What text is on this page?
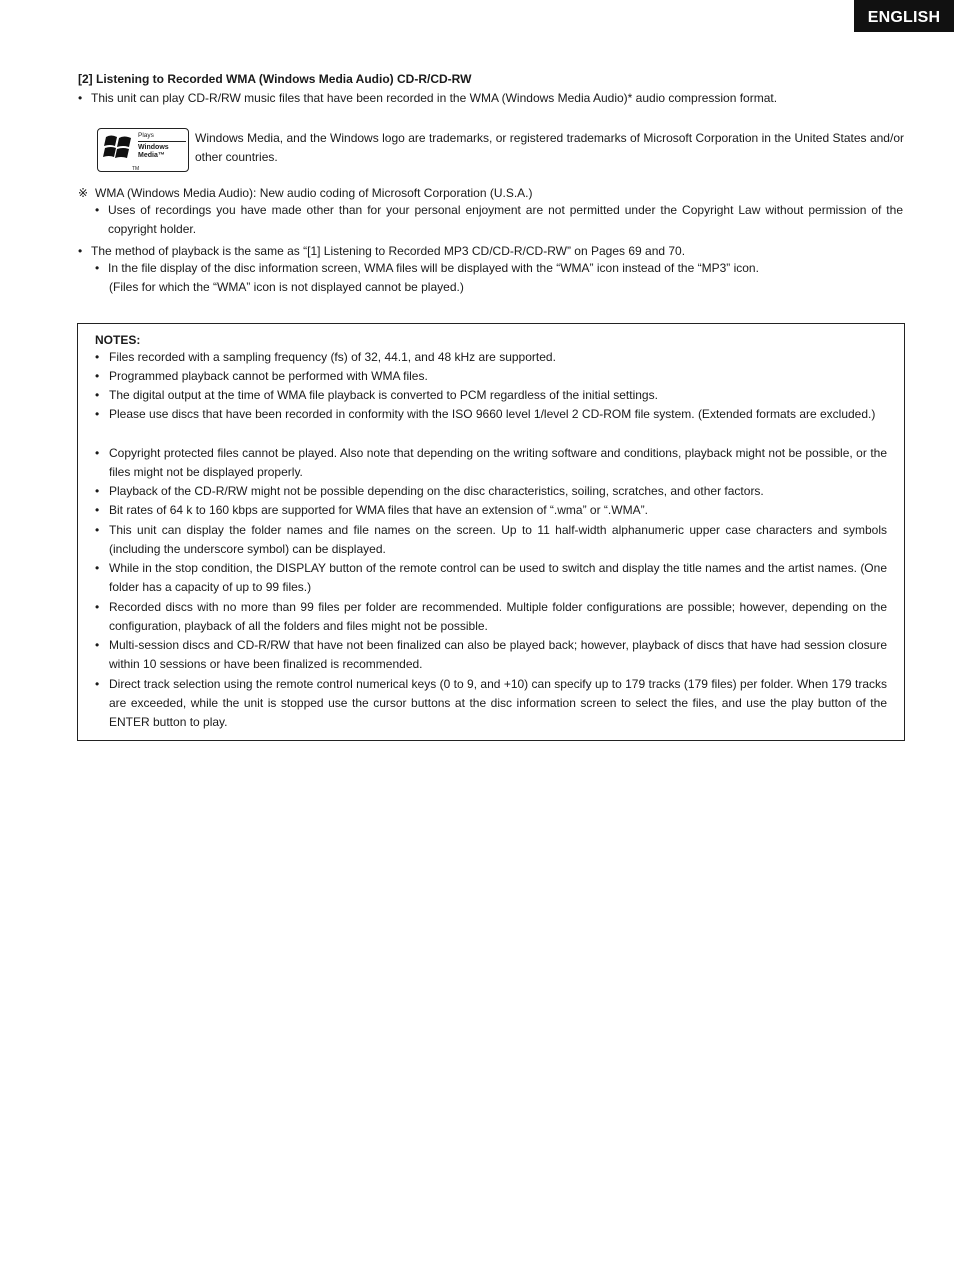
ENGLISH
[2] Listening to Recorded WMA (Windows Media Audio) CD-R/CD-RW
• This unit can play CD-R/RW music files that have been recorded in the WMA (Windows Media Audio)* audio compression format.
TM
Plays
Windows
Media™
Windows Media, and the Windows logo are trademarks, or registered trademarks of Microsoft Corporation in the United States and/or other countries.
※ WMA (Windows Media Audio): New audio coding of Microsoft Corporation (U.S.A.)
• Uses of recordings you have made other than for your personal enjoyment are not permitted under the Copyright Law without permission of the copyright holder.
• The method of playback is the same as “[1] Listening to Recorded MP3 CD/CD-R/CD-RW” on Pages 69 and 70.
• In the file display of the disc information screen, WMA files will be displayed with the “WMA” icon instead of the “MP3” icon.
(Files for which the “WMA” icon is not displayed cannot be played.)
NOTES:
• Files recorded with a sampling frequency (fs) of 32, 44.1, and 48 kHz are supported.
• Programmed playback cannot be performed with WMA files.
• The digital output at the time of WMA file playback is converted to PCM regardless of the initial settings.
• Please use discs that have been recorded in conformity with the ISO 9660 level 1/level 2 CD-ROM file system. (Extended formats are excluded.)
• Copyright protected files cannot be played. Also note that depending on the writing software and conditions, playback might not be possible, or the files might not be displayed properly.
• Playback of the CD-R/RW might not be possible depending on the disc characteristics, soiling, scratches, and other factors.
• Bit rates of 64 k to 160 kbps are supported for WMA files that have an extension of “.wma” or “.WMA”.
• This unit can display the folder names and file names on the screen. Up to 11 half-width alphanumeric upper case characters and symbols (including the underscore symbol) can be displayed.
• While in the stop condition, the DISPLAY button of the remote control can be used to switch and display the title names and the artist names. (One folder has a capacity of up to 99 files.)
• Recorded discs with no more than 99 files per folder are recommended. Multiple folder configurations are possible; however, depending on the configuration, playback of all the folders and files might not be possible.
• Multi-session discs and CD-R/RW that have not been finalized can also be played back; however, playback of discs that have had session closure within 10 sessions or have been finalized is recommended.
• Direct track selection using the remote control numerical keys (0 to 9, and +10) can specify up to 179 tracks (179 files) per folder. When 179 tracks are exceeded, while the unit is stopped use the cursor buttons at the disc information screen to select the files, and use the play button of the ENTER button to play.
